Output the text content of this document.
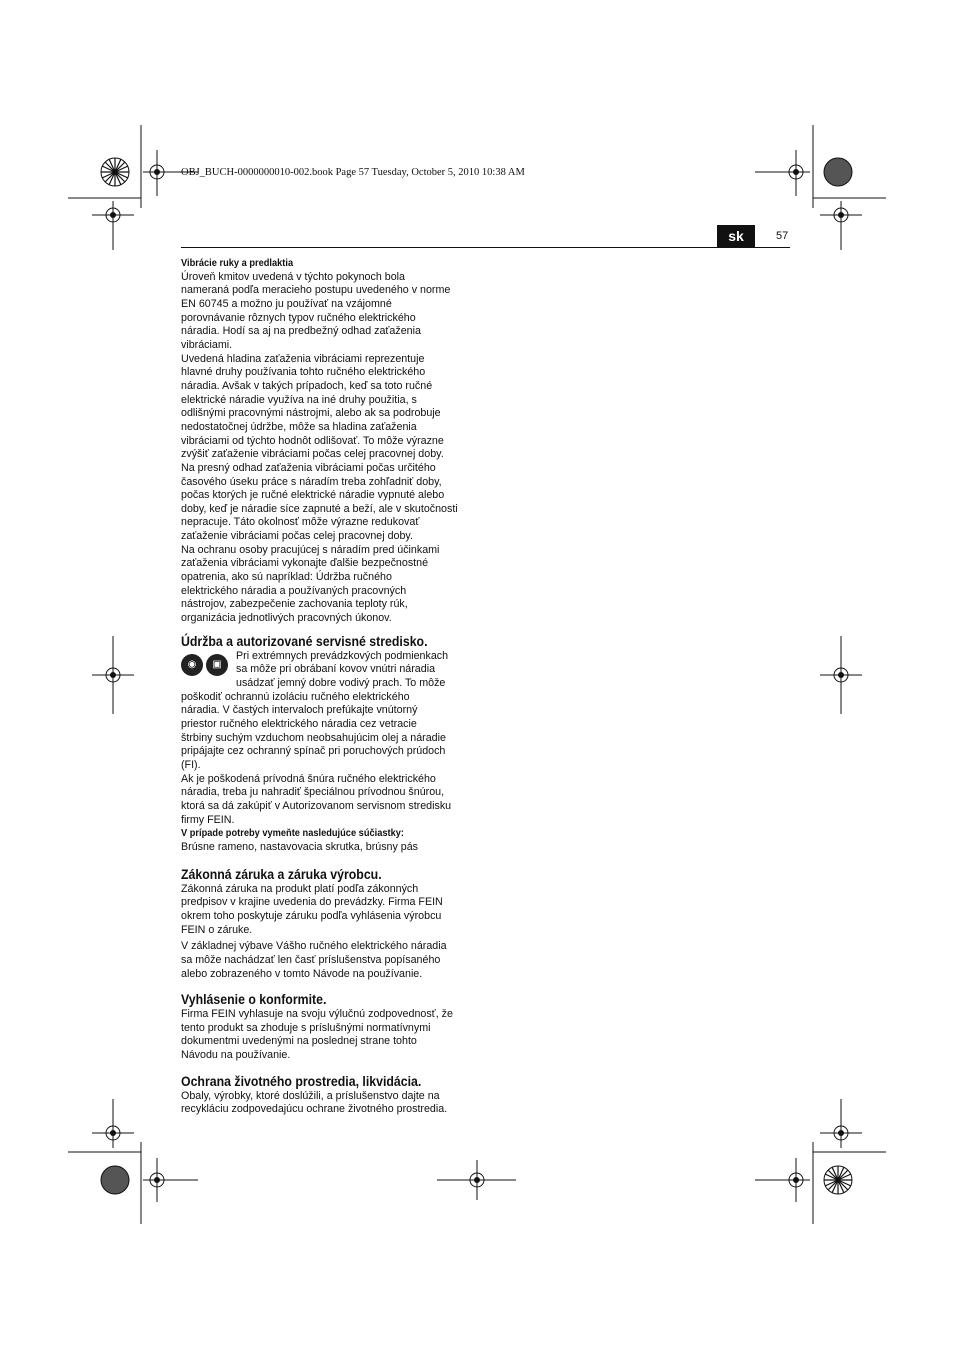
OBJ_BUCH-0000000010-002.book Page 57 Tuesday, October 5, 2010 10:38 AM
sk	57

Vibrácie ruky a predlaktia

Úroveň kmitov uvedená v týchto pokynoch bola
nameraná podľa meracieho postupu uvedeného v norme
EN 60745 a možno ju používať na vzájomné
porovnávanie rôznych typov ručného elektrického
náradia. Hodí sa aj na predbežný odhad zaťaženia
vibráciami.
Uvedená hladina zaťaženia vibráciami reprezentuje
hlavné druhy používania tohto ručného elektrického
náradia. Avšak v takých prípadoch, keď sa toto ručné
elektrické náradie využíva na iné druhy použitia, s
odlišnými pracovnými nástrojmi, alebo ak sa podrobuje
nedostatočnej údržbe, môže sa hladina zaťaženia
vibráciami od týchto hodnôt odlišovať. To môže výrazne
zvýšiť zaťaženie vibráciami počas celej pracovnej doby.
Na presný odhad zaťaženia vibráciami počas určitého
časového úseku práce s náradím treba zohľadniť doby,
počas ktorých je ručné elektrické náradie vypnuté alebo
doby, keď je náradie síce zapnuté a beží, ale v skutočnosti
nepracuje. Táto okolnosť môže výrazne redukovať
zaťaženie vibráciami počas celej pracovnej doby.
Na ochranu osoby pracujúcej s náradím pred účinkami
zaťaženia vibráciami vykonajte ďalšie bezpečnostné
opatrenia, ako sú napríklad: Údržba ručného
elektrického náradia a používaných pracovných
nástrojov, zabezpečenie zachovania teploty rúk,
organizácia jednotlivých pracovných úkonov.

Údržba a autorizované servisné stredisko.

◉	▣
Pri extrémnych prevádzkových podmienkach
sa môže pri obrábaní kovov vnútri náradia
usádzať jemný dobre vodivý prach. To môže
poškodiť ochrannú izoláciu ručného elektrického
náradia. V častých intervaloch prefúkajte vnútorný
priestor ručného elektrického náradia cez vetracie
štrbiny suchým vzduchom neobsahujúcim olej a náradie
pripájajte cez ochranný spínač pri poruchových prúdoch
(FI).
Ak je poškodená prívodná šnúra ručného elektrického
náradia, treba ju nahradiť špeciálnou prívodnou šnúrou,
ktorá sa dá zakúpiť v Autorizovanom servisnom stredisku
firmy FEIN.

V prípade potreby vymeňte nasledujúce súčiastky:

Brúsne rameno, nastavovacia skrutka, brúsny pás

Zákonná záruka a záruka výrobcu.

Zákonná záruka na produkt platí podľa zákonných
predpisov v krajine uvedenia do prevádzky. Firma FEIN
okrem toho poskytuje záruku podľa vyhlásenia výrobcu
FEIN o záruke.
V základnej výbave Vášho ručného elektrického náradia
sa môže nachádzať len časť príslušenstva popísaného
alebo zobrazeného v tomto Návode na používanie.

Vyhlásenie o konformite.

Firma FEIN vyhlasuje na svoju výlučnú zodpovednosť, že
tento produkt sa zhoduje s príslušnými normatívnymi
dokumentmi uvedenými na poslednej strane tohto
Návodu na používanie.

Ochrana životného prostredia, likvidácia.

Obaly, výrobky, ktoré doslúžili, a príslušenstvo dajte na
recykláciu zodpovedajúcu ochrane životného prostredia.
